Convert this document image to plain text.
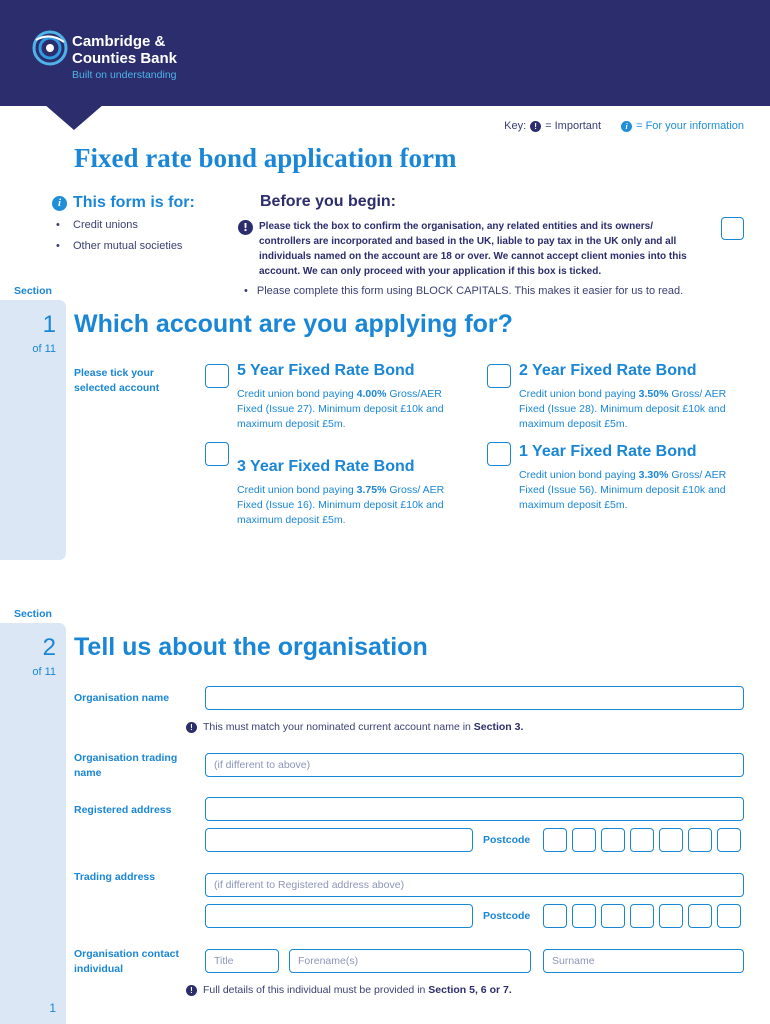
Cambridge &
Counties Bank
Built on understanding
Key:	! = Important	i = For your information
Fixed rate bond application form
i This form is for:
• Credit unions
• Other mutual societies
Before you begin:
!	Please tick the box to confirm the organisation, any related entities and its owners/ controllers are incorporated and based in the UK, liable to pay tax in the UK only and all individuals named on the account are 18 or over. We cannot accept client monies into this account. We can only proceed with your application if this box is ticked.
• Please complete this form using BLOCK CAPITALS. This makes it easier for us to read.
Section
1
of 11
Which account are you applying for?
Please tick your selected account
5 Year Fixed Rate Bond
Credit union bond paying 4.00% Gross/AER Fixed (Issue 27). Minimum deposit £10k and maximum deposit £5m.
3 Year Fixed Rate Bond
Credit union bond paying 3.75% Gross/ AER Fixed (Issue 16). Minimum deposit £10k and maximum deposit £5m.
2 Year Fixed Rate Bond
Credit union bond paying 3.50% Gross/ AER Fixed (Issue 28). Minimum deposit £10k and maximum deposit £5m.
1 Year Fixed Rate Bond
Credit union bond paying 3.30% Gross/ AER Fixed (Issue 56). Minimum deposit £10k and maximum deposit £5m.
Section
2
of 11
Tell us about the organisation
Organisation name
! This must match your nominated current account name in Section 3.
Organisation trading name
(if different to above)
Registered address
Postcode
Trading address
(if different to Registered address above)
Postcode
Organisation contact individual
Title	Forename(s)	Surname
! Full details of this individual must be provided in Section 5, 6 or 7.
1
